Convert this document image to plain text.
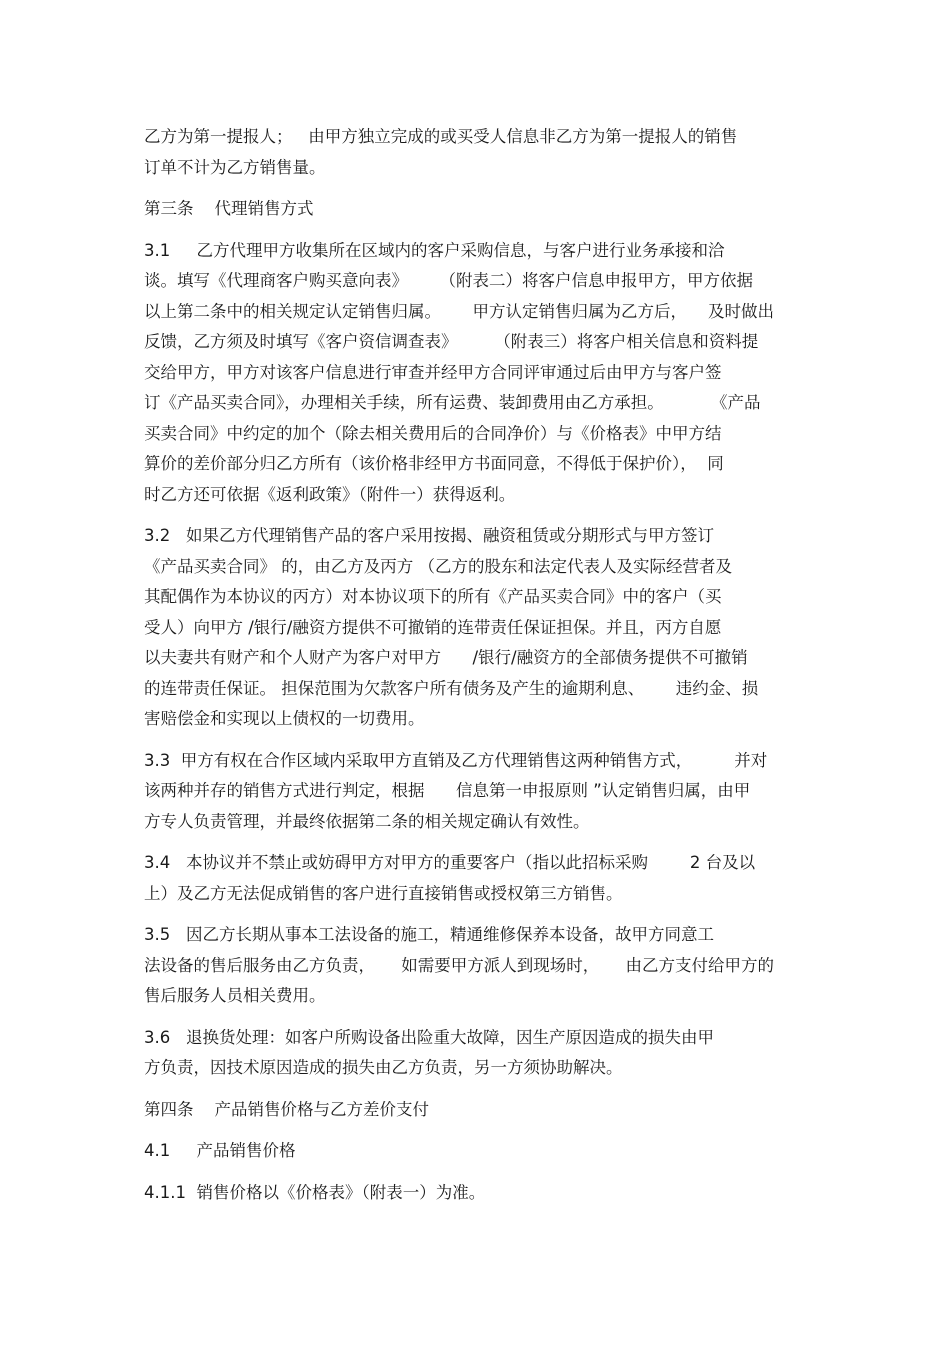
乙方为第一提报人；   由甲方独立完成的或买受人信息非乙方为第一提报人的销售
订单不计为乙方销售量。
第三条    代理销售方式
3.1     乙方代理甲方收集所在区域内的客户采购信息，与客户进行业务承接和洽
谈。填写《代理商客户购买意向表》      （附表二）将客户信息申报甲方，甲方依据
以上第二条中的相关规定认定销售归属。      甲方认定销售归属为乙方后，    及时做出
反馈，乙方须及时填写《客户资信调查表》       （附表三）将客户相关信息和资料提
交给甲方，甲方对该客户信息进行审查并经甲方合同评审通过后由甲方与客户签
订《产品买卖合同》，办理相关手续，所有运费、装卸费用由乙方承担。         《产品
买卖合同》中约定的加个（除去相关费用后的合同净价）与《价格表》中甲方结
算价的差价部分归乙方所有（该价格非经甲方书面同意，不得低于保护价），  同
时乙方还可依据《返利政策》（附件一）获得返利。
3.2   如果乙方代理销售产品的客户采用按揭、融资租赁或分期形式与甲方签订
《产品买卖合同》 的，由乙方及丙方 （乙方的股东和法定代表人及实际经营者及
其配偶作为本协议的丙方）对本协议项下的所有《产品买卖合同》中的客户（买
受人）向甲方 /银行/融资方提供不可撤销的连带责任保证担保。并且，丙方自愿
以夫妻共有财产和个人财产为客户对甲方      /银行/融资方的全部债务提供不可撤销
的连带责任保证。 担保范围为欠款客户所有债务及产生的逾期利息、      违约金、损
害赔偿金和实现以上债权的一切费用。
3.3  甲方有权在合作区域内采取甲方直销及乙方代理销售这两种销售方式，        并对
该两种并存的销售方式进行判定，根据      信息第一申报原则 ”认定销售归属，由甲
方专人负责管理，并最终依据第二条的相关规定确认有效性。
3.4   本协议并不禁止或妨碍甲方对甲方的重要客户（指以此招标采购        2 台及以
上）及乙方无法促成销售的客户进行直接销售或授权第三方销售。
3.5   因乙方长期从事本工法设备的施工，精通维修保养本设备，故甲方同意工
法设备的售后服务由乙方负责，     如需要甲方派人到现场时，     由乙方支付给甲方的
售后服务人员相关费用。
3.6   退换货处理：如客户所购设备出险重大故障，因生产原因造成的损失由甲
方负责，因技术原因造成的损失由乙方负责，另一方须协助解决。
第四条    产品销售价格与乙方差价支付
4.1     产品销售价格
4.1.1  销售价格以《价格表》（附表一）为准。
